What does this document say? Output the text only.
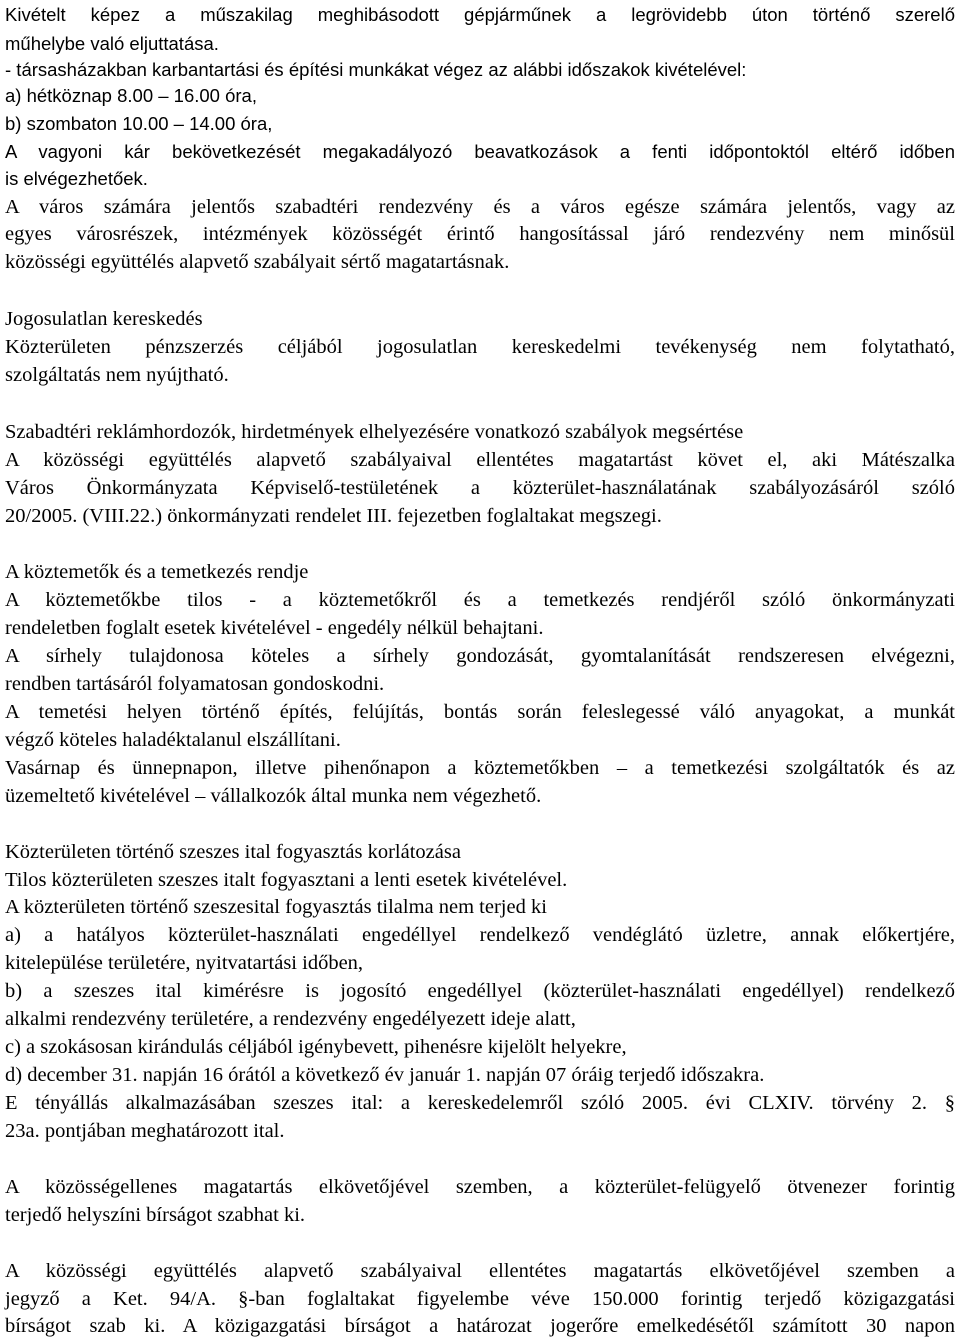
Kivételt képez a műszakilag meghibásodott gépjárműnek a legrövidebb úton történő szerelő
műhelybe való eljuttatása.
- társasházakban karbantartási és építési munkákat végez az alábbi időszakok kivételével:
a) hétköznap 8.00 – 16.00 óra,
b) szombaton 10.00 – 14.00 óra,
A vagyoni kár bekövetkezését megakadályozó beavatkozások a fenti időpontoktól eltérő időben
is elvégezhetőek.
A város számára jelentős szabadtéri rendezvény és a város egésze számára jelentős, vagy az
egyes városrészek, intézmények közösségét érintő hangosítással járó rendezvény nem minősül
közösségi együttélés alapvető szabályait sértő magatartásnak.
Jogosulatlan kereskedés
Közterületen pénzszerzés céljából jogosulatlan kereskedelmi tevékenység nem folytatható,
szolgáltatás nem nyújtható.
Szabadtéri reklámhordozók, hirdetmények elhelyezésére vonatkozó szabályok megsértése
A közösségi együttélés alapvető szabályaival ellentétes magatartást követ el, aki Mátészalka
Város Önkormányzata Képviselő-testületének a közterület-használatának szabályozásáról szóló
20/2005. (VIII.22.) önkormányzati rendelet III. fejezetben foglaltakat megszegi.
A köztemetők és a temetkezés rendje
A köztemetőkbe tilos - a köztemetőkről és a temetkezés rendjéről szóló önkormányzati
rendeletben foglalt esetek kivételével - engedély nélkül behajtani.
A sírhely tulajdonosa köteles a sírhely gondozását, gyomtalanítását rendszeresen elvégezni,
rendben tartásáról folyamatosan gondoskodni.
A temetési helyen történő építés, felújítás, bontás során feleslegessé váló anyagokat, a munkát
végző köteles haladéktalanul elszállítani.
Vasárnap és ünnepnapon, illetve pihenőnapon a köztemetőkben – a temetkezési szolgáltatók és az
üzemeltető kivételével – vállalkozók által munka nem végezhető.
Közterületen történő szeszes ital fogyasztás korlátozása
Tilos közterületen szeszes italt fogyasztani a lenti esetek kivételével.
A közterületen történő szeszesital fogyasztás tilalma nem terjed ki
a) a hatályos közterület-használati engedéllyel rendelkező vendéglátó üzletre, annak előkertjére,
kitelepülése területére, nyitvatartási időben,
b) a szeszes ital kimérésre is jogosító engedéllyel (közterület-használati engedéllyel) rendelkező
alkalmi rendezvény területére, a rendezvény engedélyezett ideje alatt,
c) a szokásosan kirándulás céljából igénybevett, pihenésre kijelölt helyekre,
d) december 31. napján 16 órától a következő év január 1. napján 07 óráig terjedő időszakra.
E tényállás alkalmazásában szeszes ital: a kereskedelemről szóló 2005. évi CLXIV. törvény 2. §
23a. pontjában meghatározott ital.
A közösségellenes magatartás elkövetőjével szemben, a közterület-felügyelő ötvenezer forintig
terjedő helyszíni bírságot szabhat ki.
A közösségi együttélés alapvető szabályaival ellentétes magatartás elkövetőjével szemben a
jegyző a Ket. 94/A. §-ban foglaltakat figyelembe véve 150.000 forintig terjedő közigazgatási
bírságot szab ki. A közigazgatási bírságot a határozat jogerőre emelkedésétől számított 30 napon
